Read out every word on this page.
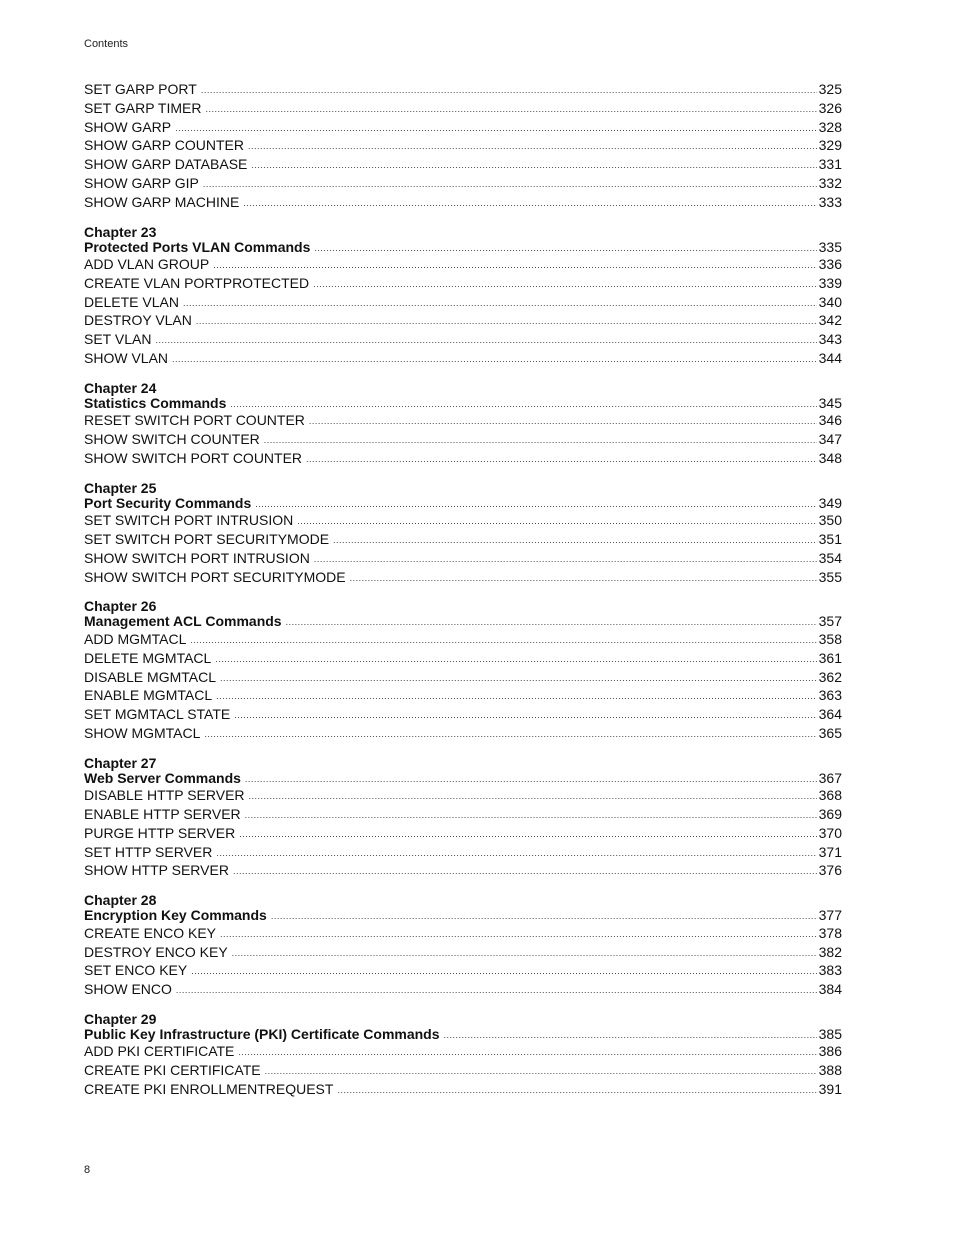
Contents
SET GARP PORT .....	325
SET GARP TIMER .....	326
SHOW GARP .....	328
SHOW GARP COUNTER .....	329
SHOW GARP DATABASE .....	331
SHOW GARP GIP .....	332
SHOW GARP MACHINE .....	333
Chapter 23
Protected Ports VLAN Commands .....	335
ADD VLAN GROUP .....	336
CREATE VLAN PORTPROTECTED .....	339
DELETE VLAN .....	340
DESTROY VLAN .....	342
SET VLAN .....	343
SHOW VLAN .....	344
Chapter 24
Statistics Commands .....	345
RESET SWITCH PORT COUNTER .....	346
SHOW SWITCH COUNTER .....	347
SHOW SWITCH PORT COUNTER .....	348
Chapter 25
Port Security Commands .....	349
SET SWITCH PORT INTRUSION .....	350
SET SWITCH PORT SECURITYMODE .....	351
SHOW SWITCH PORT INTRUSION .....	354
SHOW SWITCH PORT SECURITYMODE .....	355
Chapter 26
Management ACL Commands .....	357
ADD MGMTACL .....	358
DELETE MGMTACL .....	361
DISABLE MGMTACL .....	362
ENABLE MGMTACL .....	363
SET MGMTACL STATE .....	364
SHOW MGMTACL .....	365
Chapter 27
Web Server Commands .....	367
DISABLE HTTP SERVER .....	368
ENABLE HTTP SERVER .....	369
PURGE HTTP SERVER .....	370
SET HTTP SERVER .....	371
SHOW HTTP SERVER .....	376
Chapter 28
Encryption Key Commands .....	377
CREATE ENCO KEY .....	378
DESTROY ENCO KEY .....	382
SET ENCO KEY .....	383
SHOW ENCO .....	384
Chapter 29
Public Key Infrastructure (PKI) Certificate Commands .....	385
ADD PKI CERTIFICATE .....	386
CREATE PKI CERTIFICATE .....	388
CREATE PKI ENROLLMENTREQUEST .....	391
8
